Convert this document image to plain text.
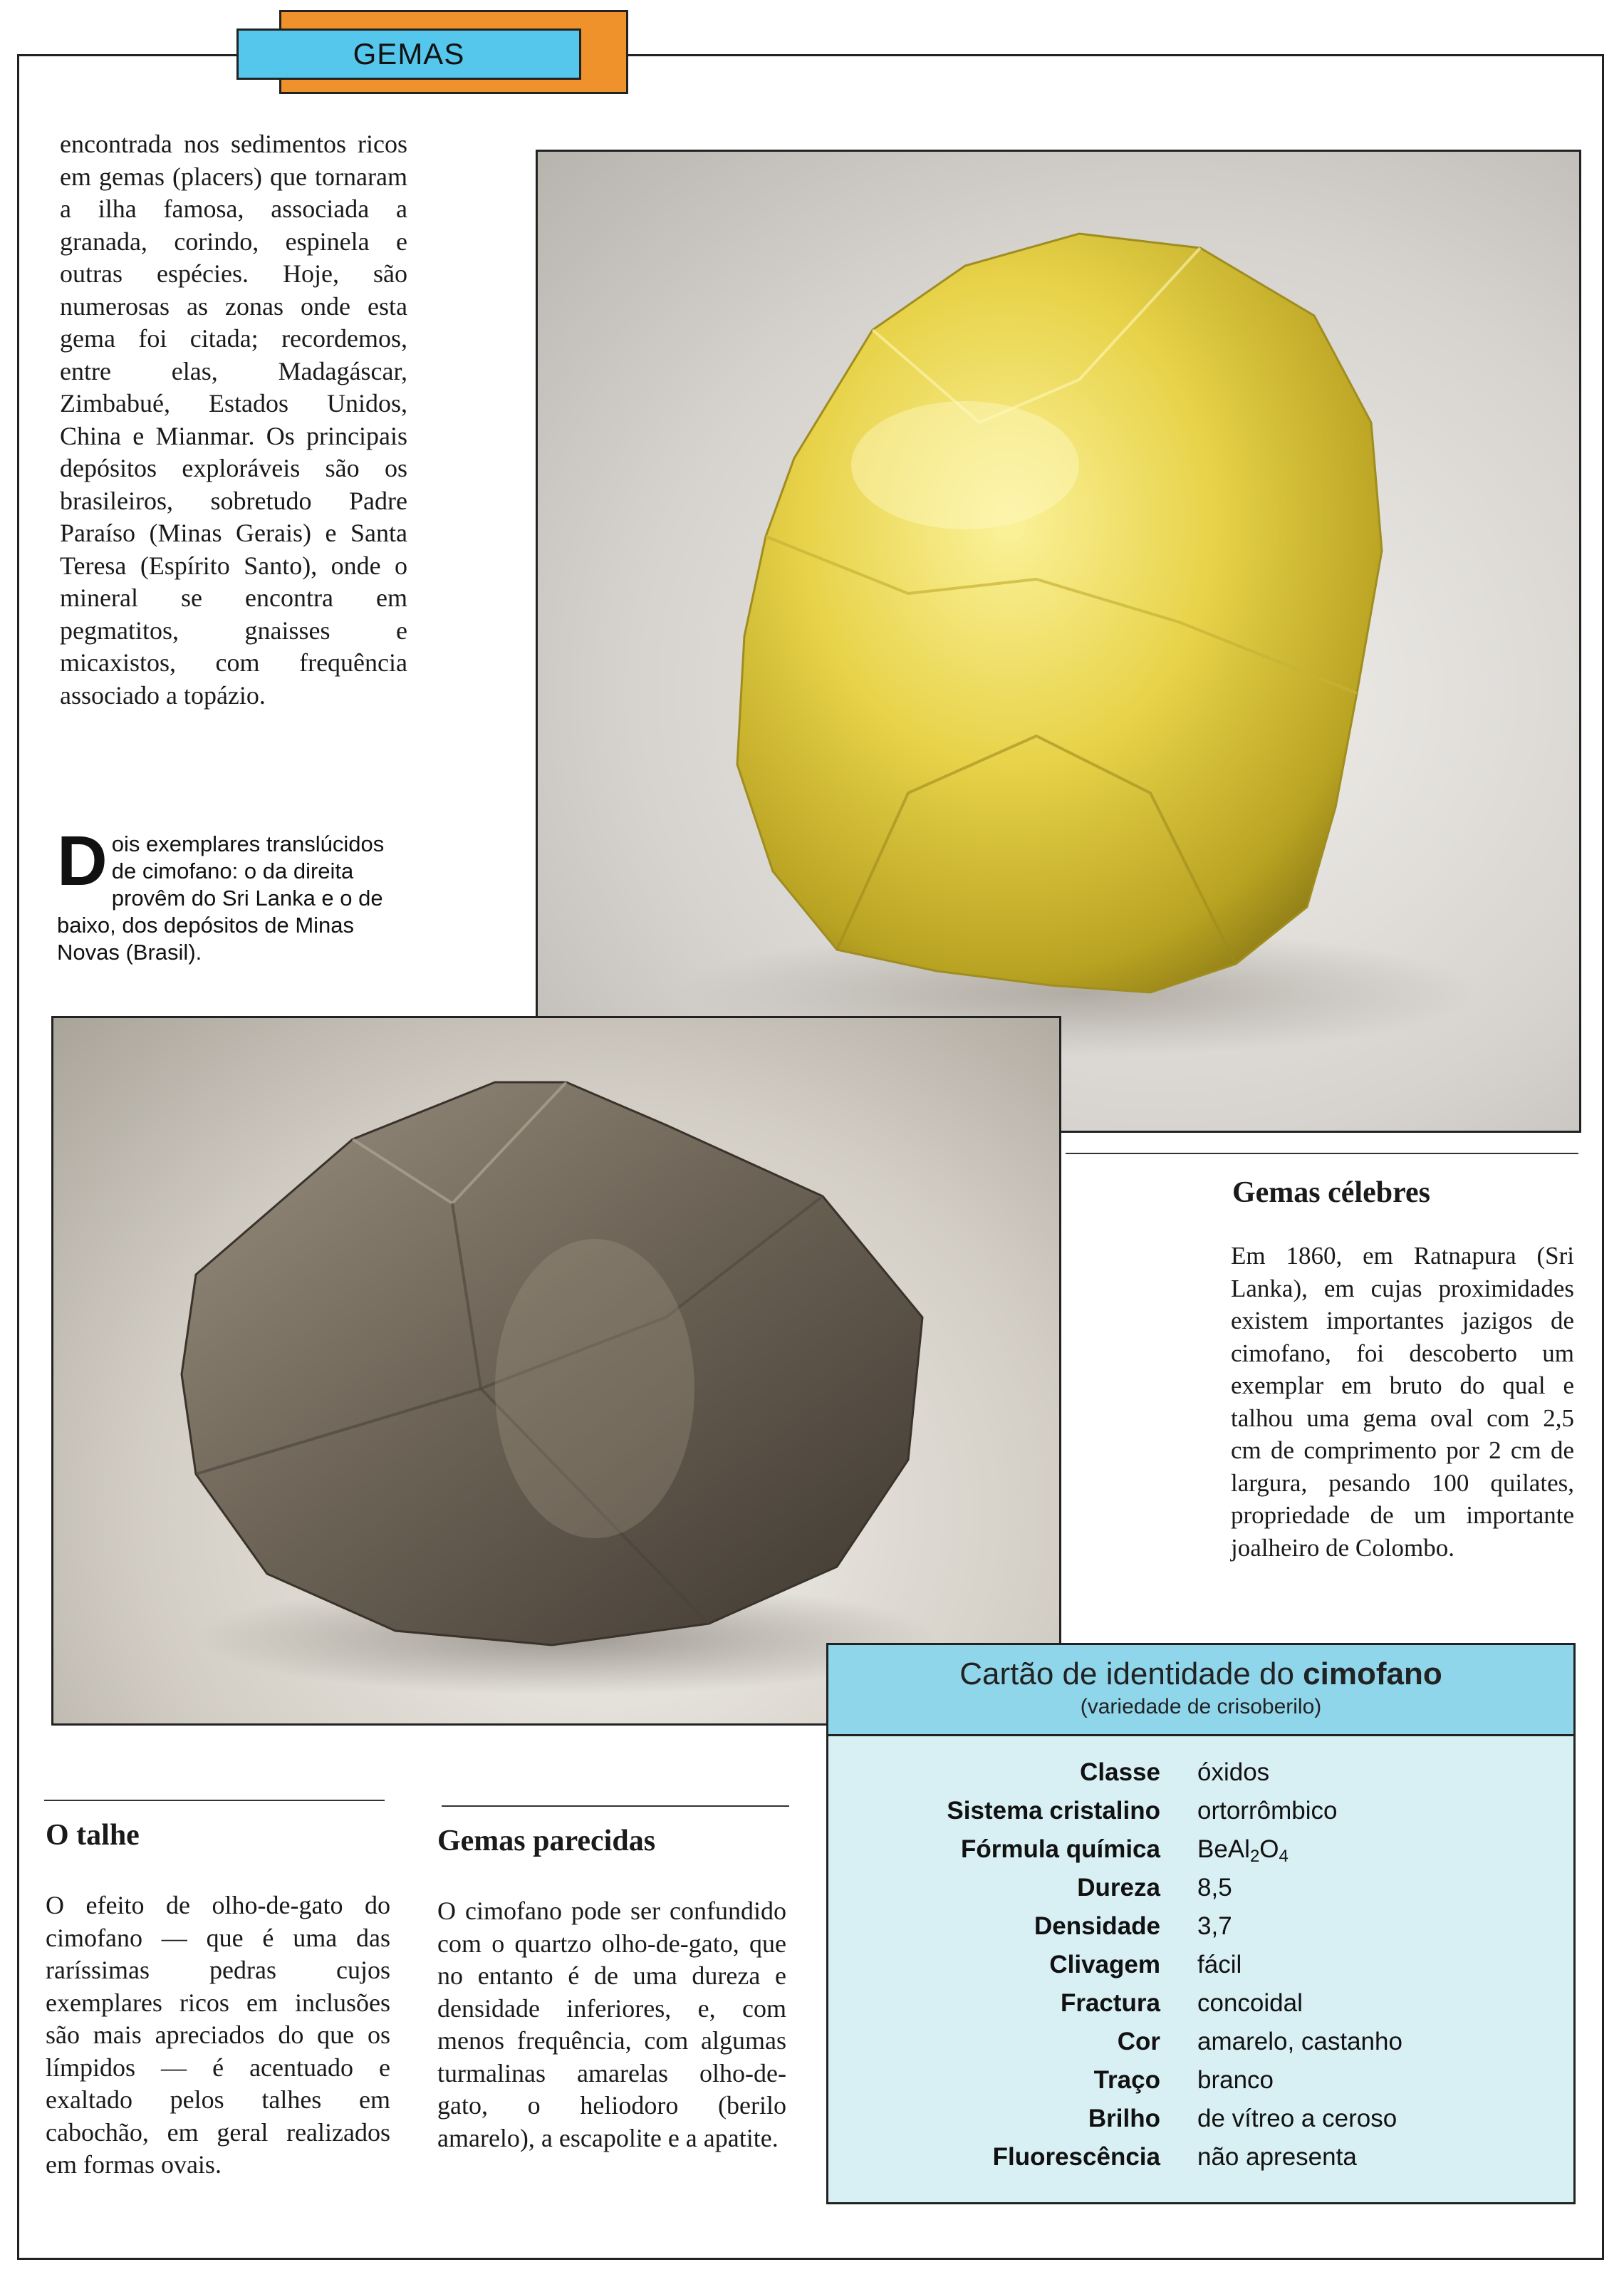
GEMAS
encontrada nos sedimentos ricos em gemas (placers) que tornaram a ilha famosa, associada a granada, corindo, espinela e outras espécies. Hoje, são numerosas as zonas onde esta gema foi citada; recordemos, entre elas, Madagáscar, Zimbabué, Estados Unidos, China e Mianmar. Os principais depósitos exploráveis são os brasileiros, sobretudo Padre Paraíso (Minas Gerais) e Santa Teresa (Espírito Santo), onde o mineral se encontra em pegmatitos, gnaisses e micaxistos, com frequência associado a topázio.
D ois exemplares translúcidos de cimofano: o da direita provêm do Sri Lanka e o de baixo, dos depósitos de Minas Novas (Brasil).
Gemas célebres
Em 1860, em Ratnapura (Sri Lanka), em cujas proximidades existem importantes jazigos de cimofano, foi descoberto um exemplar em bruto do qual e talhou uma gema oval com 2,5 cm de comprimento por 2 cm de largura, pesando 100 quilates, propriedade de um importante joalheiro de Colombo.
O talhe
O efeito de olho-de-gato do cimofano — que é uma das raríssimas pedras cujos exemplares ricos em inclusões são mais apreciados do que os límpidos — é acentuado e exaltado pelos talhes em cabochão, em geral realizados em formas ovais.
Gemas parecidas
O cimofano pode ser confundido com o quartzo olho-de-gato, que no entanto é de uma dureza e densidade inferiores, e, com menos frequência, com algumas turmalinas amarelas olho-de-gato, o heliodoro (berilo amarelo), a escapolite e a apatite.
Cartão de identidade do cimofano
(variedade de crisoberilo)
Classe óxidos
Sistema cristalino ortorrômbico
Fórmula química $BeAl_2O_4$
Dureza 8,5
Densidade 3,7
Clivagem fácil
Fractura concoidal
Cor amarelo, castanho
Traço branco
Brilho de vítreo a ceroso
Fluorescência não apresenta
